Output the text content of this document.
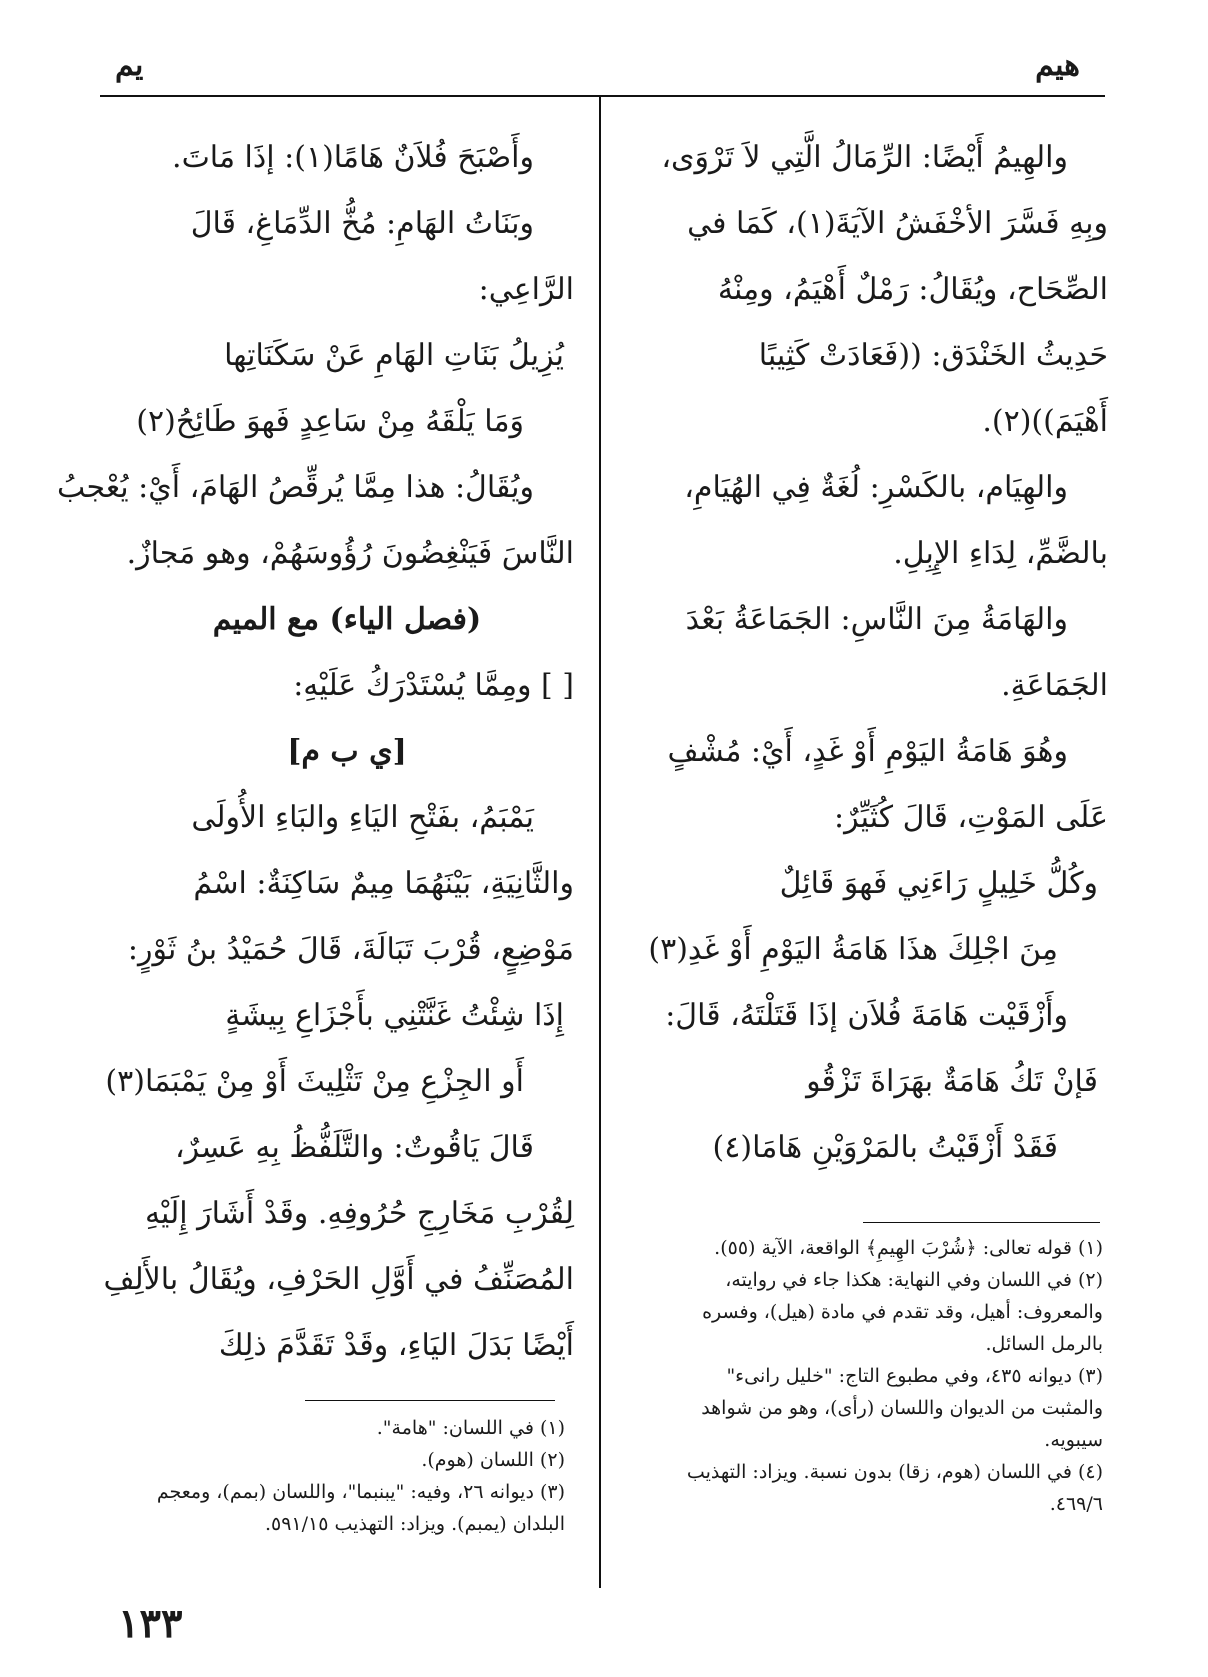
هيم
يم

والهِيمُ أَيْضًا: الرِّمَالُ الَّتِي لاَ تَرْوَى،

وبِهِ فَسَّرَ الأخْفَشُ الآيَةَ(١)، كَمَا في

الصِّحَاح، ويُقَالُ: رَمْلٌ أَهْيَمُ، ومِنْهُ

حَدِيثُ الخَنْدَق: ((فَعَادَتْ كَثِيبًا

أَهْيَمَ))(٢).

والهِيَام، بالكَسْرِ: لُغَةٌ فِي الهُيَامِ،

بالضَّمِّ، لِدَاءِ الإِبِلِ.

والهَامَةُ مِنَ النَّاسِ: الجَمَاعَةُ بَعْدَ

الجَمَاعَةِ.

وهُوَ هَامَةُ اليَوْمِ أَوْ غَدٍ، أَيْ: مُشْفٍ

عَلَى المَوْتِ، قَالَ كُثَيِّرٌ:

وكُلُّ خَلِيلٍ رَاءَنِي فَهوَ قَائِلٌ

مِنَ اجْلِكَ هذَا هَامَةُ اليَوْمِ أَوْ غَدِ(٣)

وأَزْقَيْت هَامَةَ فُلاَن إذَا قَتَلْتَهُ، قَالَ:

فَإنْ تَكُ هَامَةٌ بهَرَاةَ تَزْقُو

فَقَدْ أَزْقَيْتُ بالمَرْوَيْنِ هَامَا(٤)

وأَصْبَحَ فُلاَنٌ هَامًا(١): إذَا مَاتَ.

وبَنَاتُ الهَامِ: مُخُّ الدِّمَاغِ، قَالَ

الرَّاعِي:

يُزِيلُ بَنَاتِ الهَامِ عَنْ سَكَنَاتِها

وَمَا يَلْقَهُ مِنْ سَاعِدٍ فَهوَ طَائِحُ(٢)

ويُقَالُ: هذا مِمَّا يُرقِّصُ الهَامَ، أَيْ: يُعْجبُ

النَّاسَ فَيَنْغِضُونَ رُؤُوسَهُمْ، وهو مَجازٌ.

(فصل الياء) مع الميم

[ ] ومِمَّا يُسْتَدْرَكُ عَلَيْهِ:

[ي ب م]

يَمْبَمُ، بفَتْحِ اليَاءِ والبَاءِ الأُولَى

والثَّانِيَةِ، بَيْنَهُمَا مِيمٌ سَاكِنَةٌ: اسْمُ

مَوْضِعٍ، قُرْبَ تَبَالَةَ، قَالَ حُمَيْدُ بنُ ثَوْرٍ:

إِذَا شِئْتُ غَنَّتْنِي بأَجْزَاعِ بِيشَةٍ

أَو الجِزْعِ مِنْ تَثْلِيثَ أَوْ مِنْ يَمْبَمَا(٣)

قَالَ يَاقُوتٌ: والتَّلَفُّظُ بِهِ عَسِرٌ،

لِقُرْبِ مَخَارِجِ حُرُوفِهِ. وقَدْ أَشَارَ إِلَيْهِ

المُصَنِّفُ في أَوَّلِ الحَرْفِ، ويُقَالُ بالأَلِفِ

أَيْضًا بَدَلَ اليَاءِ، وقَدْ تَقَدَّمَ ذلِكَ

(١) قوله تعالى: ﴿شُرْبَ الهِيمِ﴾ الواقعة، الآية (٥٥).

(٢) في اللسان وفي النهاية: هكذا جاء في روايته،

والمعروف: أهيل، وقد تقدم في مادة (هيل)، وفسره

بالرمل السائل.

(٣) ديوانه ٤٣٥، وفي مطبوع التاج: "خليل رانىء"

والمثبت من الديوان واللسان (رأى)، وهو من شواهد

سيبويه.

(٤) في اللسان (هوم، زقا) بدون نسبة. ويزاد: التهذيب

٤٦٩/٦.

(١) في اللسان: "هامة".

(٢) اللسان (هوم).

(٣) ديوانه ٢٦، وفيه: "يبنبما"، واللسان (بمم)، ومعجم

البلدان (يمبم). ويزاد: التهذيب ٥٩١/١٥.

١٣٣
